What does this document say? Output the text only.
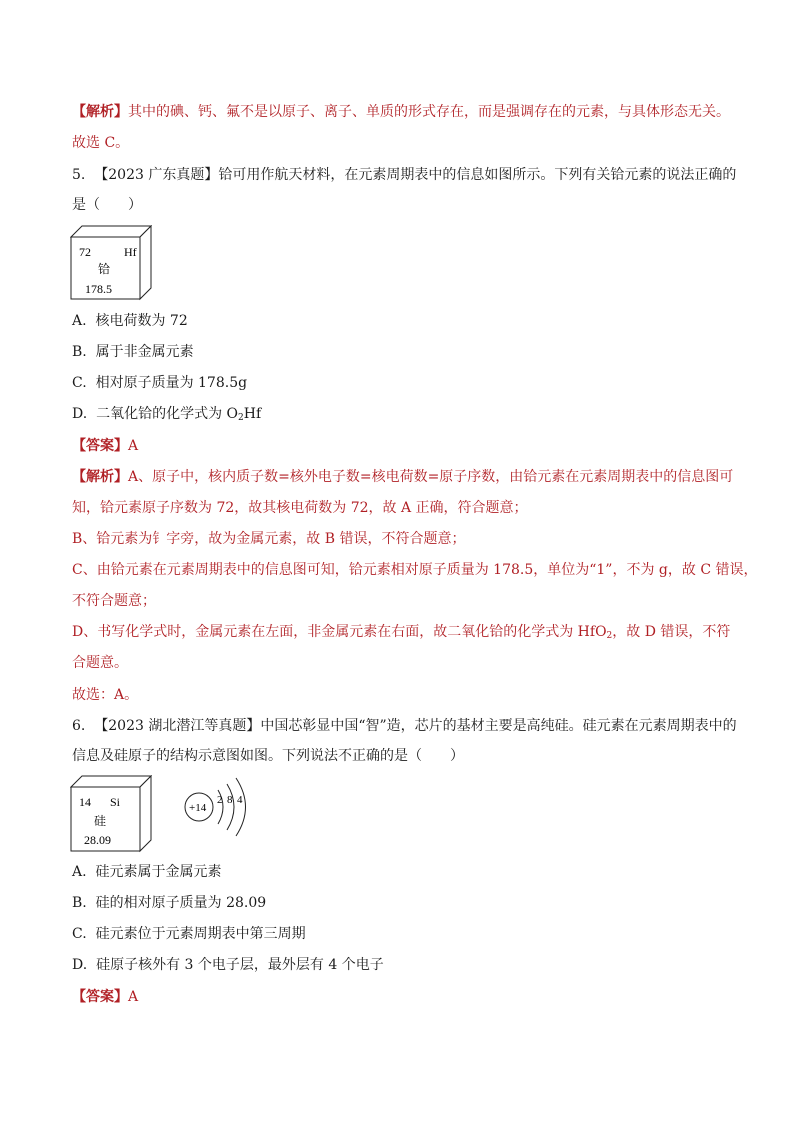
【解析】其中的碘、钙、氟不是以原子、离子、单质的形式存在，而是强调存在的元素，与具体形态无关。
故选 C。
5. 【2023 广东真题】铪可用作航天材料，在元素周期表中的信息如图所示。下列有关铪元素的说法正确的
是（　　）
72	Hf
铪
178.5
A. 核电荷数为 72
B. 属于非金属元素
C. 相对原子质量为 178.5g
D. 二氧化铪的化学式为 $O_2Hf$
【答案】A
【解析】A、原子中，核内质子数=核外电子数=核电荷数=原子序数，由铪元素在元素周期表中的信息图可
知，铪元素原子序数为 72，故其核电荷数为 72，故 A 正确，符合题意；
B、铪元素为钅字旁，故为金属元素，故 B 错误，不符合题意；
C、由铪元素在元素周期表中的信息图可知，铪元素相对原子质量为 178.5，单位为“1”，不为 g，故 C 错误，
不符合题意；
D、书写化学式时，金属元素在左面，非金属元素在右面，故二氧化铪的化学式为 HfO$_2$，故 D 错误，不符
合题意。
故选：A。
6. 【2023 湖北潜江等真题】中国芯彰显中国“智”造，芯片的基材主要是高纯硅。硅元素在元素周期表中的
信息及硅原子的结构示意图如图。下列说法不正确的是（　　）
14 Si
硅
28.09
+14
2 8 4
A. 硅元素属于金属元素
B. 硅的相对原子质量为 28.09
C. 硅元素位于元素周期表中第三周期
D. 硅原子核外有 3 个电子层，最外层有 4 个电子
【答案】A
